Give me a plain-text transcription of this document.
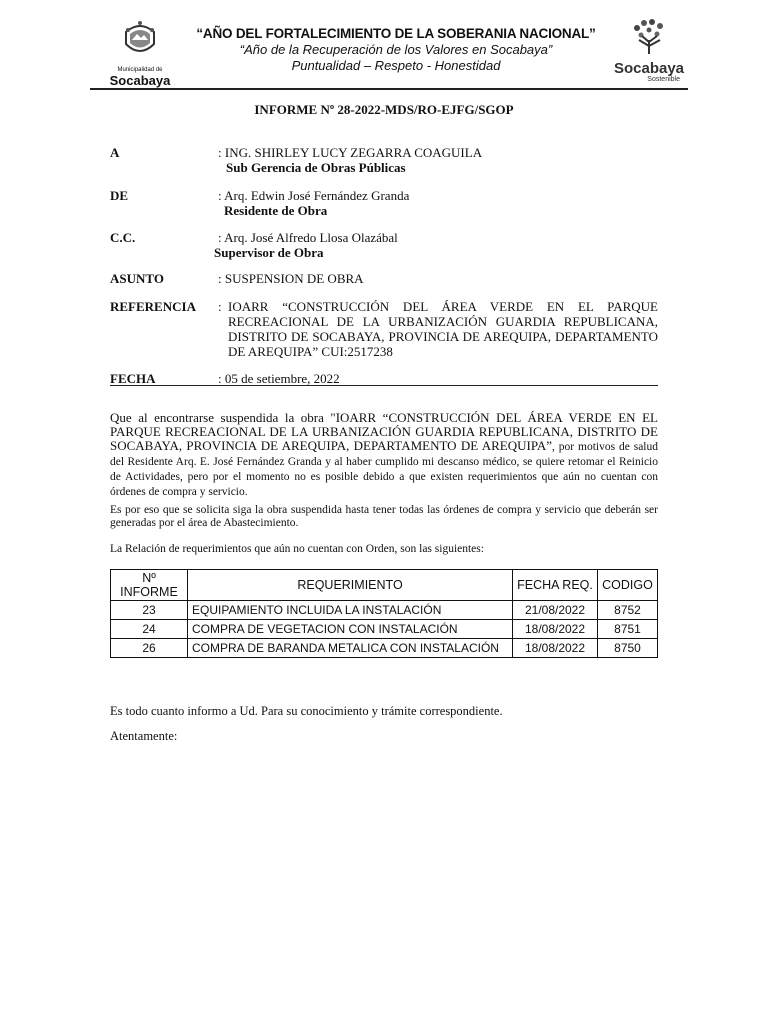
Municipalidad de
Socabaya
“AÑO DEL FORTALECIMIENTO DE LA SOBERANIA NACIONAL”
“Año de la Recuperación de los Valores en Socabaya”
Puntualidad – Respeto - Honestidad	Socabaya
Sostenible
INFORME Nº 28-2022-MDS/RO-EJFG/SGOP
A	: ING. SHIRLEY LUCY ZEGARRA COAGUILA
Sub Gerencia de Obras Públicas
DE	: Arq. Edwin José Fernández Granda
Residente de Obra
C.C.	: Arq. José Alfredo Llosa Olazábal
Supervisor de Obra
ASUNTO	: SUSPENSION DE OBRA
REFERENCIA : IOARR “CONSTRUCCIÓN DEL ÁREA VERDE EN EL PARQUE RECREACIONAL DE LA URBANIZACIÓN GUARDIA REPUBLICANA, DISTRITO DE SOCABAYA, PROVINCIA DE AREQUIPA, DEPARTAMENTO DE AREQUIPA” CUI:2517238
FECHA	: 05 de setiembre, 2022
Que al encontrarse suspendida la obra "IOARR “CONSTRUCCIÓN DEL ÁREA VERDE EN EL PARQUE RECREACIONAL DE LA URBANIZACIÓN GUARDIA REPUBLICANA, DISTRITO DE SOCABAYA, PROVINCIA DE AREQUIPA, DEPARTAMENTO DE AREQUIPA”, por motivos de salud del Residente Arq. E. José Fernández Granda y al haber cumplido mi descanso médico, se quiere retomar el Reinicio de Actividades, pero por el momento no es posible debido a que existen requerimientos que aún no cuentan con órdenes de compra y servicio.
Es por eso que se solicita siga la obra suspendida hasta tener todas las órdenes de compra y servicio que deberán ser generadas por el área de Abastecimiento.
La Relación de requerimientos que aún no cuentan con Orden, son las siguientes:
Nº INFORME	REQUERIMIENTO	FECHA REQ.	CODIGO
23	EQUIPAMIENTO INCLUIDA LA INSTALACIÓN	21/08/2022	8752
24	COMPRA DE VEGETACION CON INSTALACIÓN	18/08/2022	8751
26	COMPRA DE BARANDA METALICA CON INSTALACIÓN	18/08/2022	8750
Es todo cuanto informo a Ud. Para su conocimiento y trámite correspondiente.
Atentamente:
